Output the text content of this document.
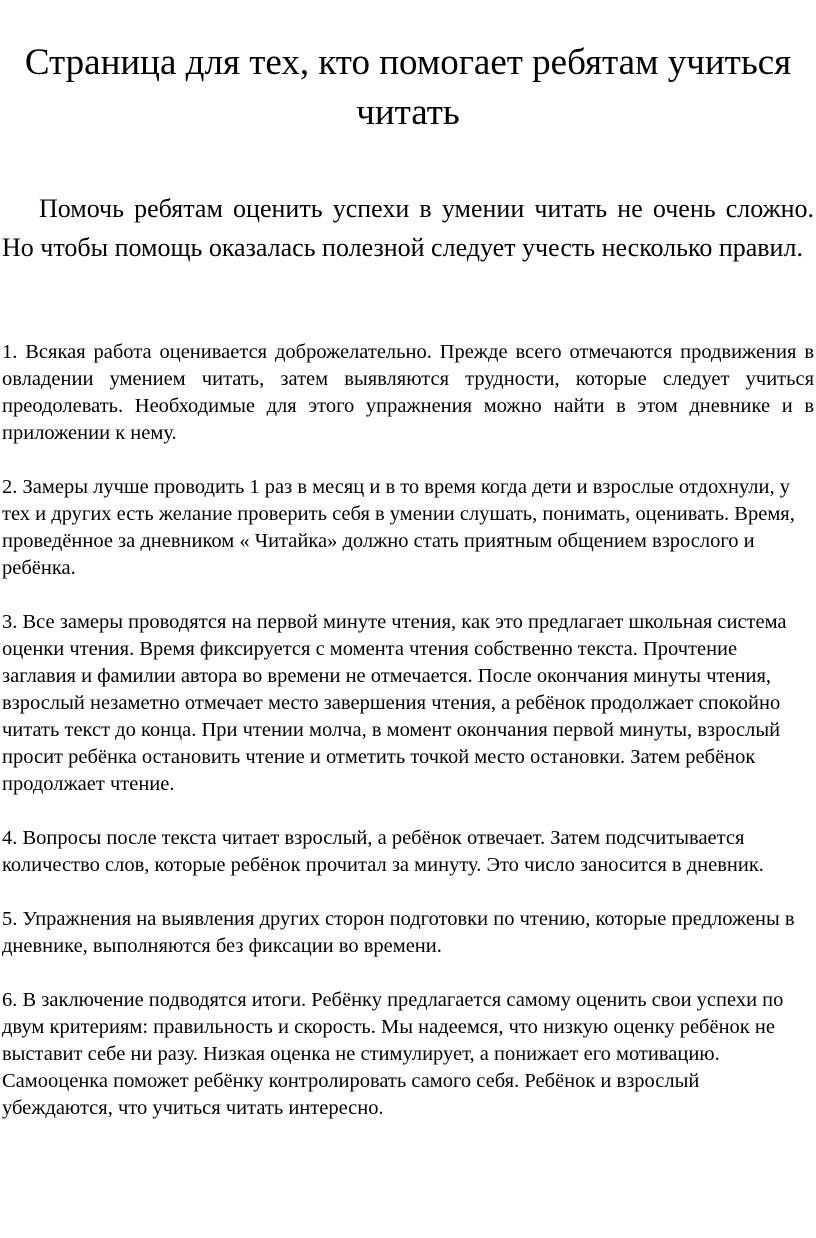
Страница для тех, кто помогает ребятам учиться читать

Помочь ребятам оценить успехи в умении читать не очень сложно. Но чтобы помощь оказалась полезной следует учесть несколько правил.

1. Всякая работа оценивается доброжелательно. Прежде всего отмечаются продвижения в овладении умением читать, затем выявляются трудности, которые следует учиться преодолевать. Необходимые для этого упражнения можно найти в этом дневнике и в приложении к нему.
2. Замеры лучше проводить 1 раз в месяц и в то время когда дети и взрослые отдохнули, у тех и других есть желание проверить себя в умении слушать, понимать, оценивать. Время, проведённое за дневником « Читайка» должно стать приятным общением взрослого и ребёнка.
3. Все замеры проводятся на первой минуте чтения, как это предлагает школьная система оценки чтения. Время фиксируется с момента чтения собственно текста. Прочтение заглавия и фамилии автора во времени не отмечается. После окончания минуты чтения, взрослый незаметно отмечает место завершения чтения, а ребёнок продолжает спокойно читать текст до конца. При чтении молча, в момент окончания первой минуты, взрослый просит ребёнка остановить чтение и отметить точкой место остановки. Затем ребёнок продолжает чтение.
4. Вопросы после текста читает взрослый, а ребёнок отвечает. Затем подсчитывается количество слов, которые ребёнок прочитал за минуту. Это число заносится в дневник.
5. Упражнения на выявления других сторон подготовки по чтению, которые предложены в дневнике, выполняются без фиксации во времени.
6. В заключение подводятся итоги. Ребёнку предлагается самому оценить свои успехи по двум критериям: правильность и скорость. Мы надеемся, что низкую оценку ребёнок не выставит себе ни разу. Низкая оценка не стимулирует, а понижает его мотивацию. Самооценка поможет ребёнку контролировать самого себя. Ребёнок и взрослый убеждаются, что учиться читать интересно.
